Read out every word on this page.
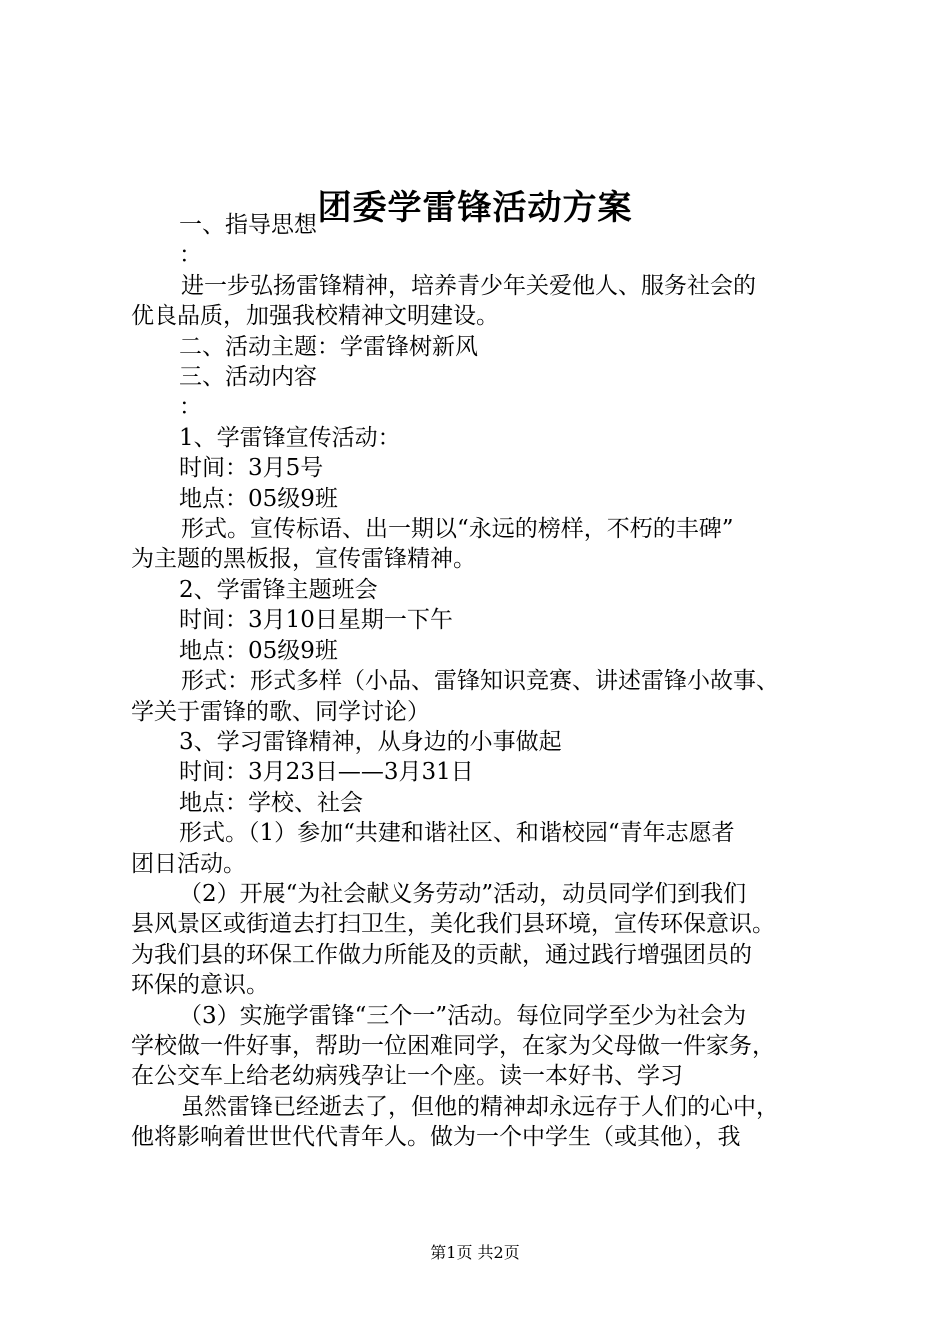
团委学雷锋活动方案

一、指导思想

：

进一步弘扬雷锋精神，培养青少年关爱他人、服务社会的

优良品质，加强我校精神文明建设。

二、活动主题：学雷锋树新风

三、活动内容

：

1、学雷锋宣传活动：

时间：3月5号

地点：05级9班

形式。宣传标语、出一期以“永远的榜样，不朽的丰碑”

为主题的黑板报，宣传雷锋精神。

2、学雷锋主题班会

时间：3月10日星期一下午

地点：05级9班

形式：形式多样（小品、雷锋知识竞赛、讲述雷锋小故事、

学关于雷锋的歌、同学讨论）

3、学习雷锋精神，从身边的小事做起

时间：3月23日——3月31日

地点：学校、社会

形式。（1）参加“共建和谐社区、和谐校园“青年志愿者

团日活动。

（2）开展“为社会献义务劳动”活动，动员同学们到我们

县风景区或街道去打扫卫生，美化我们县环境，宣传环保意识。

为我们县的环保工作做力所能及的贡献，通过践行增强团员的

环保的意识。

（3）实施学雷锋“三个一”活动。每位同学至少为社会为

学校做一件好事，帮助一位困难同学，在家为父母做一件家务，

在公交车上给老幼病残孕让一个座。读一本好书、学习

虽然雷锋已经逝去了，但他的精神却永远存于人们的心中，

他将影响着世世代代青年人。做为一个中学生（或其他），我

第1页 共2页
